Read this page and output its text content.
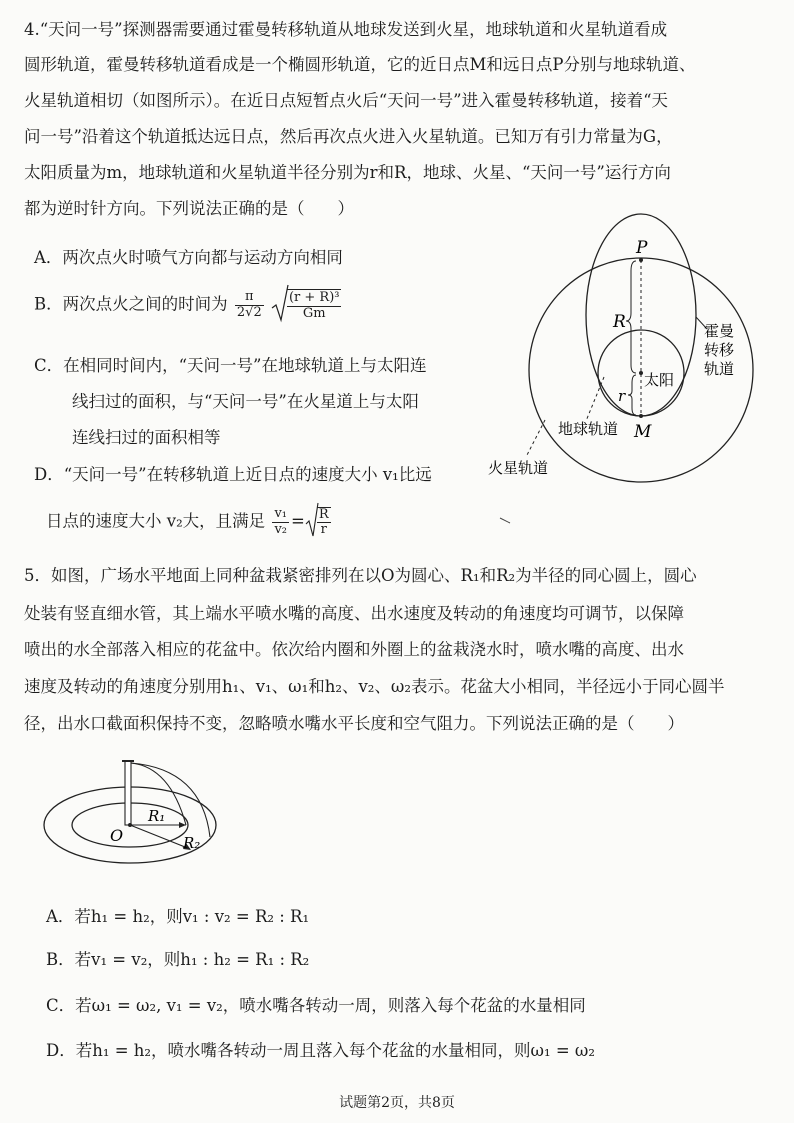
4.“天问一号”探测器需要通过霍曼转移轨道从地球发送到火星，地球轨道和火星轨道看成
圆形轨道，霍曼转移轨道看成是一个椭圆形轨道，它的近日点M和远日点P分别与地球轨道、
火星轨道相切（如图所示）。在近日点短暂点火后“天问一号”进入霍曼转移轨道，接着“天
问一号”沿着这个轨道抵达远日点，然后再次点火进入火星轨道。已知万有引力常量为G，
太阳质量为m，地球轨道和火星轨道半径分别为r和R，地球、火星、“天问一号”运行方向
都为逆时针方向。下列说法正确的是（　　）
A．两次点火时喷气方向都与运动方向相同
B．两次点火之间的时间为 $\frac{\pi}{2√2}$
$\frac{\text{(r + R)³}}{Gm}$
C．在相同时间内，“天问一号”在地球轨道上与太阳连
线扫过的面积，与“天问一号”在火星道上与太阳
连线扫过的面积相等
D．“天问一号”在转移轨道上近日点的速度大小 v₁比远
日点的速度大小 v₂大，且满足 $\frac{\text{v₁}}{\text{v₂}} = \frac{R}{r}$
P
M
R
r
太阳
地球轨道
火星轨道
霍曼
转移
轨道
5．如图，广场水平地面上同种盆栽紧密排列在以O为圆心、R₁和R₂为半径的同心圆上，圆心
处装有竖直细水管，其上端水平喷水嘴的高度、出水速度及转动的角速度均可调节，以保障
喷出的水全部落入相应的花盆中。依次给内圈和外圈上的盆栽浇水时，喷水嘴的高度、出水
速度及转动的角速度分别用h₁、v₁、ω₁和h₂、v₂、ω₂表示。花盆大小相同，半径远小于同心圆半
径，出水口截面积保持不变，忽略喷水嘴水平长度和空气阻力。下列说法正确的是（　　）
O
R₁
R₂
A．若h₁ = h₂，则v₁ : v₂ = R₂ : R₁
B．若v₁ = v₂，则h₁ : h₂ = R₁ : R₂
C．若ω₁ = ω₂, v₁ = v₂，喷水嘴各转动一周，则落入每个花盆的水量相同
D．若h₁ = h₂，喷水嘴各转动一周且落入每个花盆的水量相同，则ω₁ = ω₂
试题第2页，共8页
